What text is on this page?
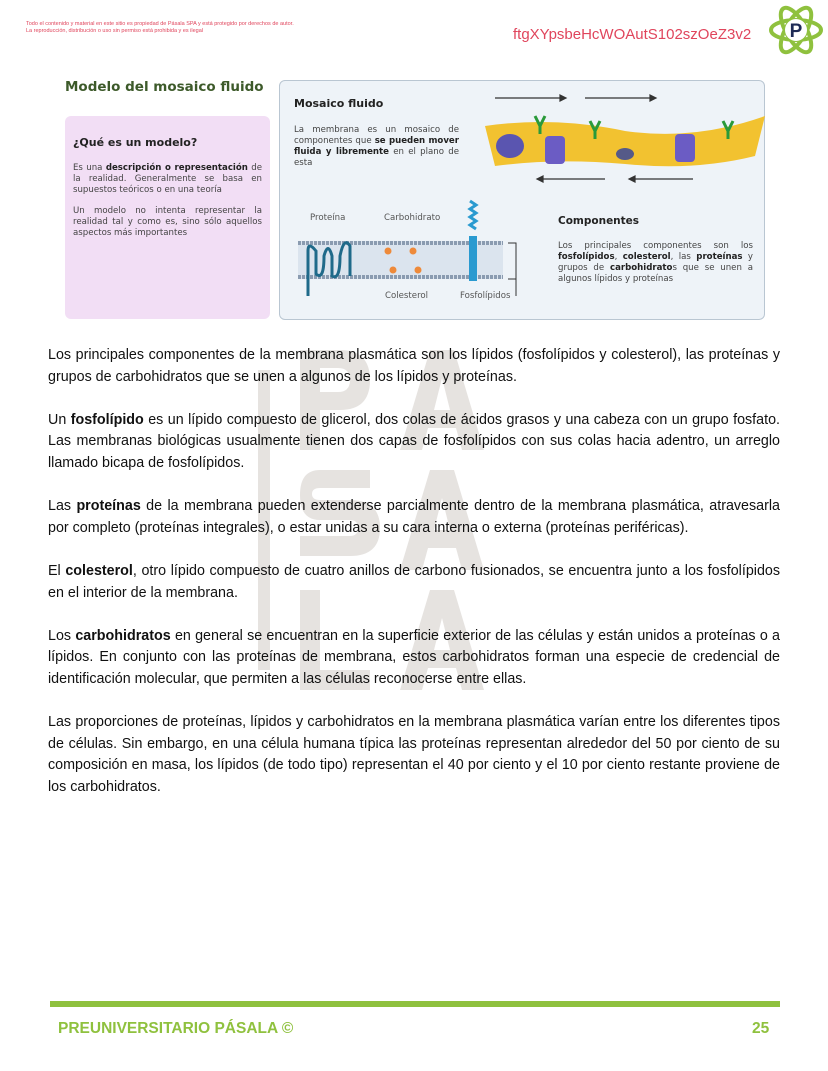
Todo el contenido y material en este sitio es propiedad de Pásala SPA y está protegido por derechos de autor.
La reproducción, distribución o uso sin permiso está prohibida y es ilegal	ftgXYpsbeHcWOAutS102szOeZ3v2 P
Modelo del mosaico fluido
¿Qué es un modelo?

Es una descripción o representación de la realidad. Generalmente se basa en supuestos teóricos o en una teoría

Un modelo no intenta representar la realidad tal y como es, sino sólo aquellos aspectos más importantes

Mosaico fluido
La membrana es un mosaico de componentes que se pueden mover fluida y libremente en el plano de esta
Proteína	Carbohidrato
Colesterol	Fosfolípidos
Componentes
Los principales componentes son los fosfolípidos, colesterol, las proteínas y grupos de carbohidratos que se unen a algunos lípidos y proteínas

Los principales componentes de la membrana plasmática son los lípidos (fosfolípidos y colesterol), las proteínas y grupos de carbohidratos que se unen a algunos de los lípidos y proteínas.

Un fosfolípido es un lípido compuesto de glicerol, dos colas de ácidos grasos y una cabeza con un grupo fosfato. Las membranas biológicas usualmente tienen dos capas de fosfolípidos con sus colas hacia adentro, un arreglo llamado bicapa de fosfolípidos.

Las proteínas de la membrana pueden extenderse parcialmente dentro de la membrana plasmática, atravesarla por completo (proteínas integrales), o estar unidas a su cara interna o externa (proteínas periféricas).

El colesterol, otro lípido compuesto de cuatro anillos de carbono fusionados, se encuentra junto a los fosfolípidos en el interior de la membrana.

Los carbohidratos en general se encuentran en la superficie exterior de las células y están unidos a proteínas o a lípidos. En conjunto con las proteínas de membrana, estos carbohidratos forman una especie de credencial de identificación molecular, que permiten a las células reconocerse entre ellas.

Las proporciones de proteínas, lípidos y carbohidratos en la membrana plasmática varían entre los diferentes tipos de células. Sin embargo, en una célula humana típica las proteínas representan alrededor del 50 por ciento de su composición en masa, los lípidos (de todo tipo) representan el 40 por ciento y el 10 por ciento restante proviene de los carbohidratos.

PREUNIVERSITARIO PÁSALA ©	25
